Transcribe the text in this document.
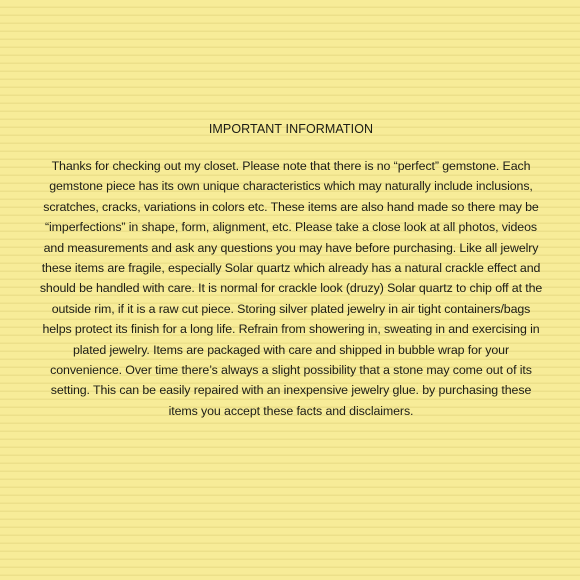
IMPORTANT INFORMATION

Thanks for checking out my closet. Please note that there is no “perfect” gemstone. Each gemstone piece has its own unique characteristics which may naturally include inclusions, scratches, cracks, variations in colors etc. These items are also hand made so there may be “imperfections” in shape, form, alignment, etc. Please take a close look at all photos, videos and measurements and ask any questions you may have before purchasing. Like all jewelry these items are fragile, especially Solar quartz which already has a natural crackle effect and should be handled with care. It is normal for crackle look (druzy) Solar quartz to chip off at the outside rim, if it is a raw cut piece. Storing silver plated jewelry in air tight containers/bags helps protect its finish for a long life. Refrain from showering in, sweating in and exercising in plated jewelry. Items are packaged with care and shipped in bubble wrap for your convenience. Over time there’s always a slight possibility that a stone may come out of its setting. This can be easily repaired with an inexpensive jewelry glue. by purchasing these items you accept these facts and disclaimers.
